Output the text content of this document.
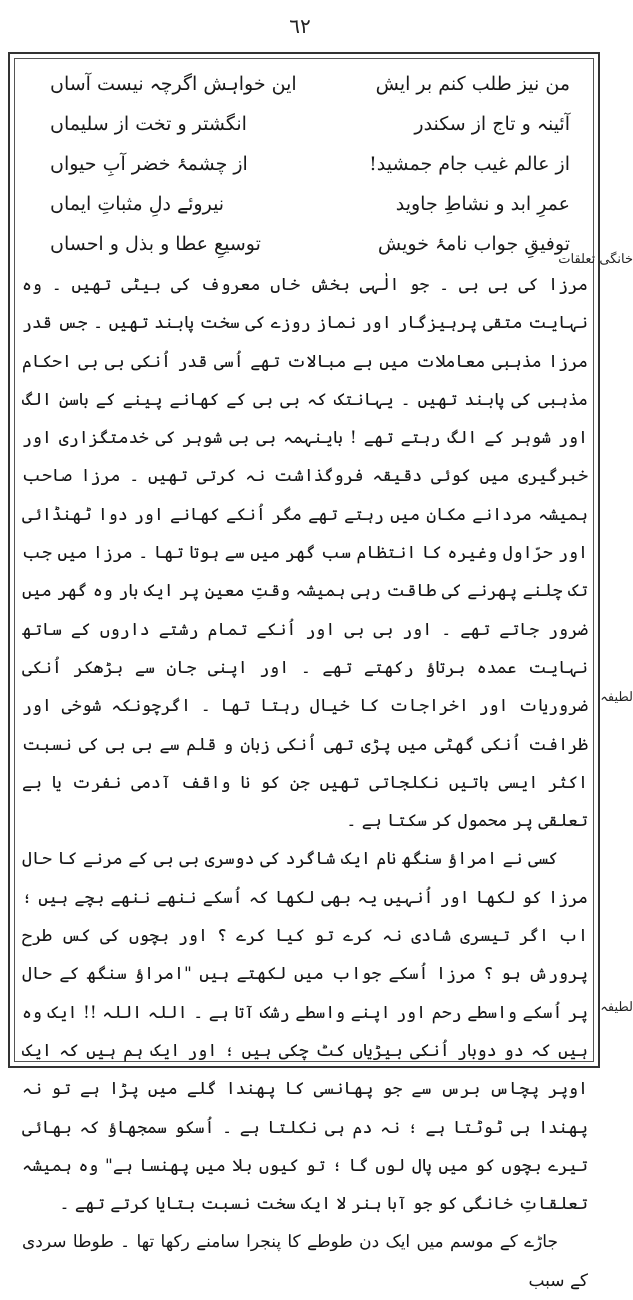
٦٢
من نیز طلب کنم بر ایش
این خواہش اگرچہ نیست آساں
آئینہ و تاج از سکندر
انگشتر و تخت از سلیماں
از عالم غیب جام جمشید!
از چشمۂ خضر آبِ حیواں
عمرِ ابد و نشاطِ جاوید
نیروئے دلِ مثباتِ ایماں
توفیقِ جواب نامۂ خویش
توسیعِ عطا و بذل و احساں

مرزا کی بی بی ۔ جو الٰہی بخش خاں معروف کی بیٹی تھیں ۔ وہ نہایت متقی پرہیزگار اور نماز روزے کی سخت پابند تھیں ۔ جس قدر مرزا مذہبی معاملات میں بے مبالات تھے اُسی قدر اُنکی بی بی احکام مذہبی کی پابند تھیں ۔ یہانتک کہ بی بی کے کھانے پینے کے باسن الگ اور شوہر کے الگ رہتے تھے ! باینہمہ بی بی شوہر کی خدمتگزاری اور خبرگیری میں کوئی دقیقہ فروگذاشت نہ کرتی تھیں ۔ مرزا صاحب ہمیشہ مردانے مکان میں رہتے تھے مگر اُنکے کھانے اور دوا ٹھنڈائی اور حرّاول وغیرہ کا انتظام سب گھر میں سے ہوتا تھا ۔ مرزا میں جب تک چلنے پھرنے کی طاقت رہی ہمیشہ وقتِ معین پر ایک بار وہ گھر میں ضرور جاتے تھے ۔ اور بی بی اور اُنکے تمام رشتے داروں کے ساتھ نہایت عمدہ برتاؤ رکھتے تھے ۔ اور اپنی جان سے بڑھکر اُنکی ضروریات اور اخراجات کا خیال رہتا تھا ۔ اگرچونکہ شوخی اور ظرافت اُنکی گھٹی میں پڑی تھی اُنکی زبان و قلم سے بی بی کی نسبت اکثر ایسی باتیں نکلجاتی تھیں جن کو نا واقف آدمی نفرت یا بے تعلقی پر محمول کر سکتا ہے ۔

کسی نے امراؤ سنگھ نام ایک شاگرد کی دوسری بی بی کے مرنے کا حال مرزا کو لکھا اور اُنہیں یہ بھی لکھا کہ اُسکے ننھے ننھے بچے ہیں ؛ اب اگر تیسری شادی نہ کرے تو کیا کرے ؟ اور بچوں کی کس طرح پرورش ہو ؟ مرزا اُسکے جواب میں لکھتے ہیں "امراؤ سنگھ کے حال پر اُسکے واسطے رحم اور اپنے واسطے رشک آتا ہے ۔ اللہ اللہ !! ایک وہ ہیں کہ دو دوبار اُنکی بیڑیاں کٹ چکی ہیں ؛ اور ایک ہم ہیں کہ ایک اوپر پچاس برس سے جو پھانسی کا پھندا گلے میں پڑا ہے تو نہ پھندا ہی ٹوٹتا ہے ؛ نہ دم ہی نکلتا ہے ۔ اُسکو سمجھاؤ کہ بھائی تیرے بچوں کو میں پال لوں گا ؛ تو کیوں بلا میں پھنسا ہے" وہ ہمیشہ تعلقاتِ خانگی کو جو آبا ہنر لا ایک سخت نسبت بتایا کرتے تھے ۔

جاڑے کے موسم میں ایک دن طوطے کا پنجرا سامنے رکھا تھا ۔ طوطا سردی کے سبب

خانگی تعلقات
لطیفہ
لطیفہ
